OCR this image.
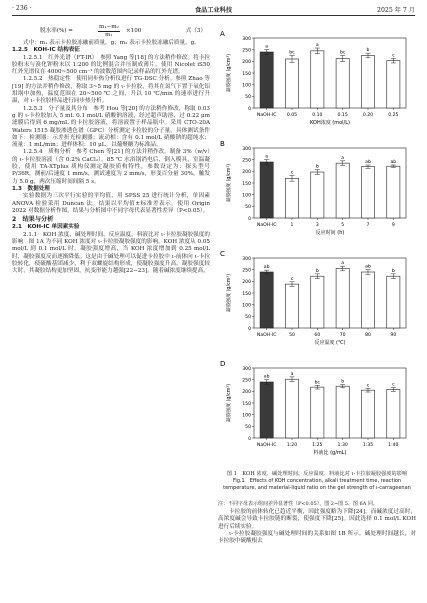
· 236 ·	食品工业科技	2025 年 7 月
脱水率(%) =	$\frac{\text{m₁−m₂}}{\text{m₁}} \times 100$	式（3）

式中：m₁ 表示卡拉胶冻融前质量，g；m₂ 表示卡拉胶冻融后质量，g。

1.2.5　KOH-IC 结构表征

1.2.5.1　红外光谱（FT-IR）　参照 Yang 等[18] 的方法稍作修改。将卡拉胶粉末与溴化钾粉末以 1:200 的比例混合并压制成薄片。使用 Nicolet iS50 红外光谱仪在 4000~500 cm⁻¹ 的波数范围内记录样品的红外光谱。

1.2.5.2　热稳定性　使用同步热分析仪进行 TG-DSC 分析。参照 Zhao 等[19] 的方法并稍作修改，称取 3~5 mg 的 ι-卡拉胶，将其在氮气下置于氧化铝坩埚中加热，温度范围在 20~500 ℃ 之间，升以 10 ℃/min 的速率进行升温，对 ι-卡拉胶样品进行同步热分析。

1.2.5.3　分子量及其分布　参考 Hou 等[20] 的方法稍作修改，称取 0.03 g 的 ι-卡拉胶加入 5 mL 0.1 mol/L 硝酸钠溶液，经过超声助溶、过 0.22 μm 滤膜后得到 6 mg/mL 的卡拉胶溶液，将溶液置于样品瓶中。采用 CTO-20A Waters 1515 凝胶渗透色谱（GPC）分析测定卡拉胶的分子量，具体测试条件如下：检测器：示差折光检测器；流动相：含有 0.1 mol/L 硝酸钠的超纯水；流量：1 mL/min；进样体积：10 μL。以葡聚糖为标准品。

1.2.5.4　质构分析　参考 Chen 等[21] 的方法并稍作改，制备 3%（w/v）的 ι-卡拉胶溶液（含 0.2% CaCl₂）。85 ℃ 水浴锅消电后，倒入模具，室温凝胶，使用 TA-XTplus 质构仪测定凝胶质构特性，参数设定为：探头型号 P/36R，测前/后速度 1 mm/s，测试速度为 2 mm/s，形变百分量 30%，触发力 5.0 g，两次压缩时间间隔 5 s。

1.3　数据处理

实验数据为三次平行实验的平均值，用 SPSS 25 进行统计分析，单因素 ANOVA 检验采用 Duncan 法。结果以平均值±标准差表示。使用 Origin 2022 对数据分析作图，结果与分析图中不同字母代表显著性差异（P<0.05）。

2　结果与分析

2.1　KOH-IC 单因素实验

2.1.1　KOH 浓度、碱处理时间、反应温度、料液比对 ι-卡拉胶凝胶强度的影响　图 1A 为不同 KOH 浓度对 ι-卡拉胶凝胶强度的影响。KOH 浓度从 0.05 mol/L 到 0.1 mol/L 时，凝胶强度增高，当 KOH 浓度增加到 0.25 mol/L 时，凝胶强度反而逐渐降低。这是由于碱处理可以促进卡拉胶中 ι-前体向 ι-卡拉胶转化，使硫酸基团减少，利于双螺旋结构形成，使凝胶强度升高，凝胶强度较大时，其凝胶结构更加坚固，抗变形能力越强[22−23]。随着碱浓度继续提高，

A
0
50
100
150
200
250
300
凝胶强度 (g/cm²)
a
NaOH-IC
bc
0.05
a
0.10
bc
0.15
b
0.20
c
0.25
KOH浓度 (mol/L)
B
0
50
100
150
200
250
300
凝胶强度 (g/cm²)
a
NaOH-IC
c
1
b
3
a
5
ab
7
ab
9
反应时间 (h)
C
0
50
100
150
200
250
300
凝胶强度 (g/cm²)
ab
NaOH-IC
c
50
b
60
a
70
ab
80
b
90
反应温度 (℃)
D
0
50
100
150
200
250
300
凝胶强度 (g/cm²)
ab
NaOH-IC
a
1:20
bc
1:25
b
1:30
c
1:35
c
1:40
料液比 (g/mL)
图 1　KOH 浓度、碱处理时间、反应温度、料液比对 ι-卡拉胶凝胶强度的影响
Fig.1　Effects of KOH concentration, alkali treatment time, reaction temperature, and material-liquid ratio on the gel strength of ι-carrageenan
注：不同字母表示组间差异显著性（P<0.05），图 2~图 5、图 6A 同。

卡拉胶的前体转化已趋近平衡，因此强度略为下降[24]，而碱浓度过高时，高浓度碱会导致卡拉胶链的断裂，使强度下降[25]。因此选择 0.1 mol/L KOH 进行后续实验。

ι-卡拉胶凝胶强度与碱处理时间的关系如图 1B 所示。碱处理时间越长，对卡拉胶中硫酸根去
